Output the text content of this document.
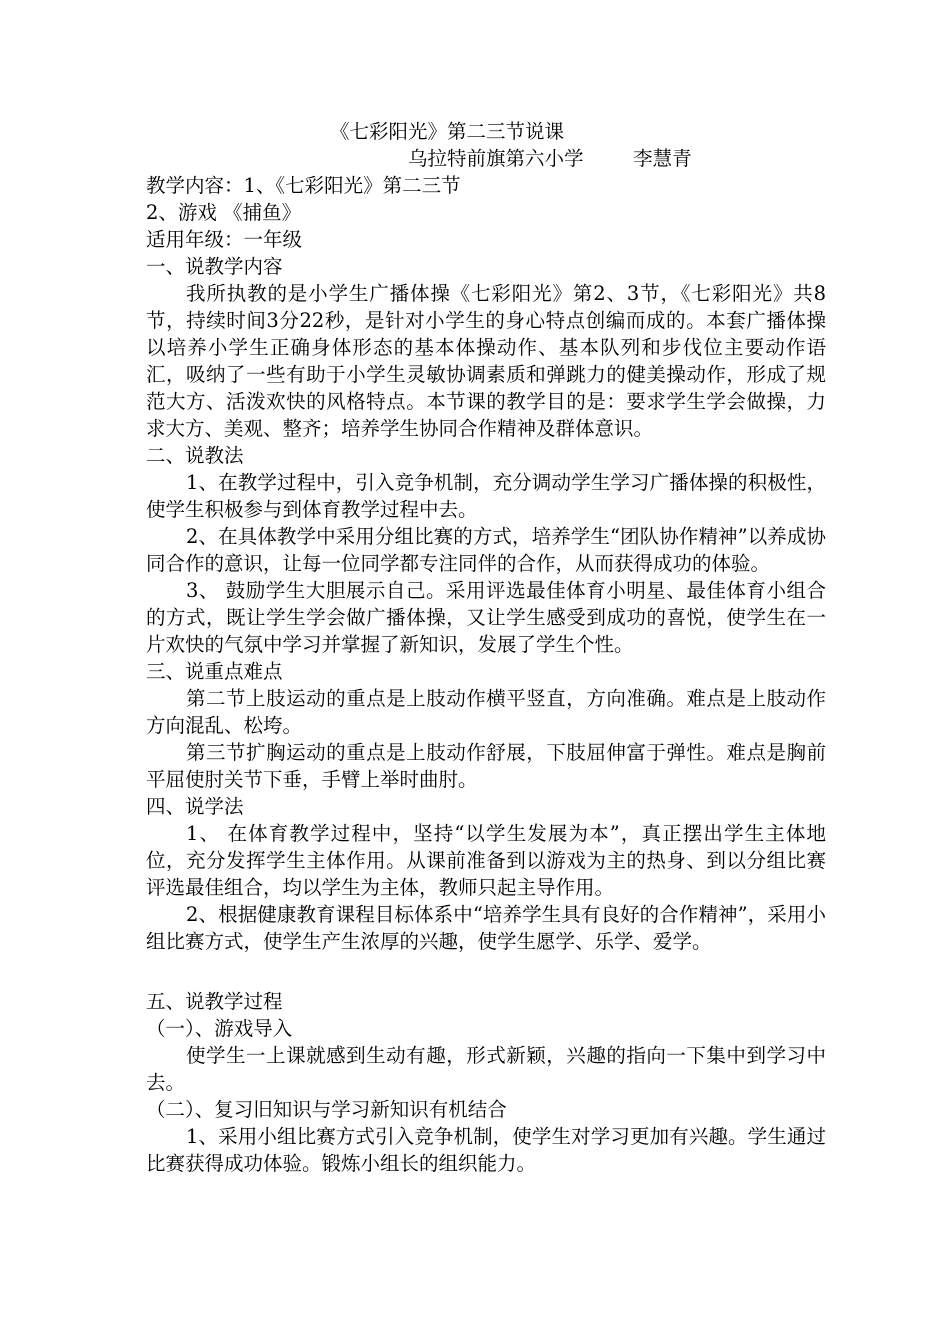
《七彩阳光》第二三节说课
乌拉特前旗第六小学	李慧青
教学内容：1、《七彩阳光》第二三节
2、游戏 《捕鱼》
适用年级：一年级
一、说教学内容

我所执教的是小学生广播体操《七彩阳光》第2、3节，《七彩阳光》共8节，持续时间3分22秒，是针对小学生的身心特点创编而成的。本套广播体操以培养小学生正确身体形态的基本体操动作、基本队列和步伐位主要动作语汇，吸纳了一些有助于小学生灵敏协调素质和弹跳力的健美操动作，形成了规范大方、活泼欢快的风格特点。本节课的教学目的是：要求学生学会做操，力求大方、美观、整齐；培养学生协同合作精神及群体意识。

二、说教法

1、在教学过程中，引入竞争机制，充分调动学生学习广播体操的积极性，使学生积极参与到体育教学过程中去。

2、在具体教学中采用分组比赛的方式，培养学生“团队协作精神”以养成协同合作的意识，让每一位同学都专注同伴的合作，从而获得成功的体验。

3、 鼓励学生大胆展示自己。采用评选最佳体育小明星、最佳体育小组合的方式，既让学生学会做广播体操，又让学生感受到成功的喜悦，使学生在一片欢快的气氛中学习并掌握了新知识，发展了学生个性。

三、说重点难点

第二节上肢运动的重点是上肢动作横平竖直，方向准确。难点是上肢动作方向混乱、松垮。

第三节扩胸运动的重点是上肢动作舒展，下肢屈伸富于弹性。难点是胸前平屈使肘关节下垂，手臂上举时曲肘。

四、说学法

1、 在体育教学过程中，坚持“以学生发展为本”，真正摆出学生主体地位，充分发挥学生主体作用。从课前准备到以游戏为主的热身、到以分组比赛评选最佳组合，均以学生为主体，教师只起主导作用。

2、根据健康教育课程目标体系中“培养学生具有良好的合作精神”，采用小组比赛方式，使学生产生浓厚的兴趣，使学生愿学、乐学、爱学。

五、说教学过程
（一）、游戏导入

使学生一上课就感到生动有趣，形式新颖，兴趣的指向一下集中到学习中去。

（二）、复习旧知识与学习新知识有机结合

1、采用小组比赛方式引入竞争机制，使学生对学习更加有兴趣。学生通过比赛获得成功体验。锻炼小组长的组织能力。
